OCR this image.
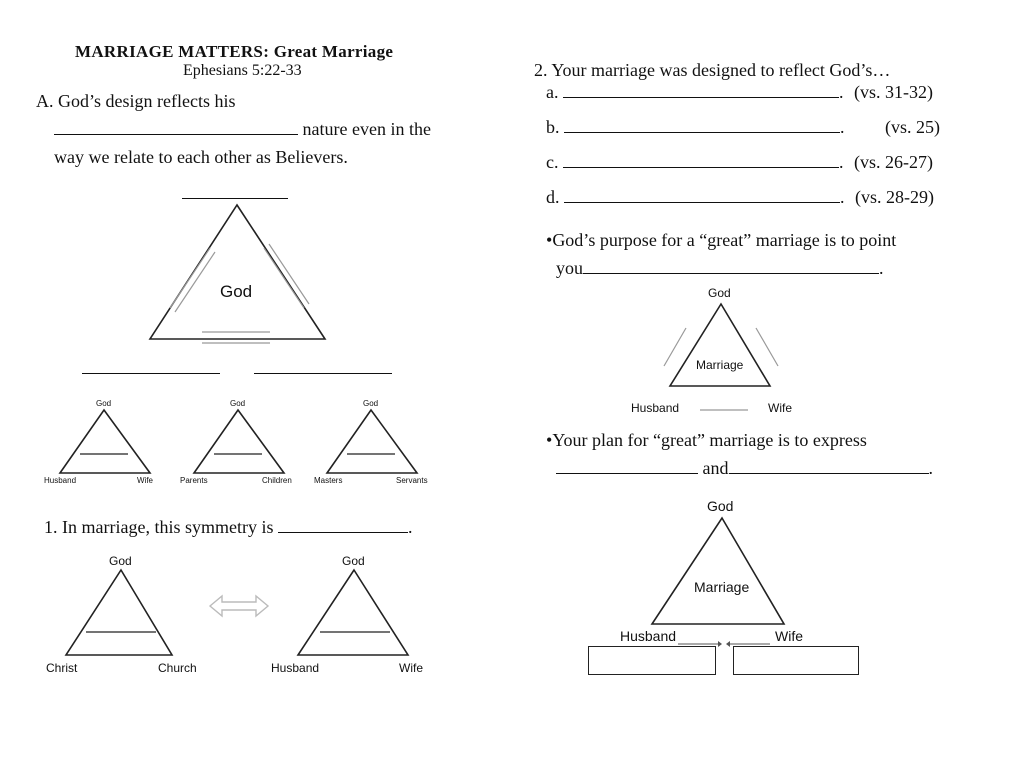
MARRIAGE MATTERS: Great Marriage
Ephesians 5:22-33
A. God’s design reflects his
nature even in the
way we relate to each other as Believers.
God
God
Husband	Wife
God
Parents	Children
God
Masters	Servants
1. In marriage, this symmetry is	.
God
Christ	Church
God
Husband	Wife
2. Your marriage was designed to reflect God’s…
a.	. (vs. 31-32)
b.	. (vs. 25)
c.	. (vs. 26-27)
d.	. (vs. 28-29)
•God’s purpose for a “great” marriage is to point
you	.
God
Marriage
Husband	Wife
•Your plan for “great” marriage is to express
and	.
God
Marriage
Husband	Wife
